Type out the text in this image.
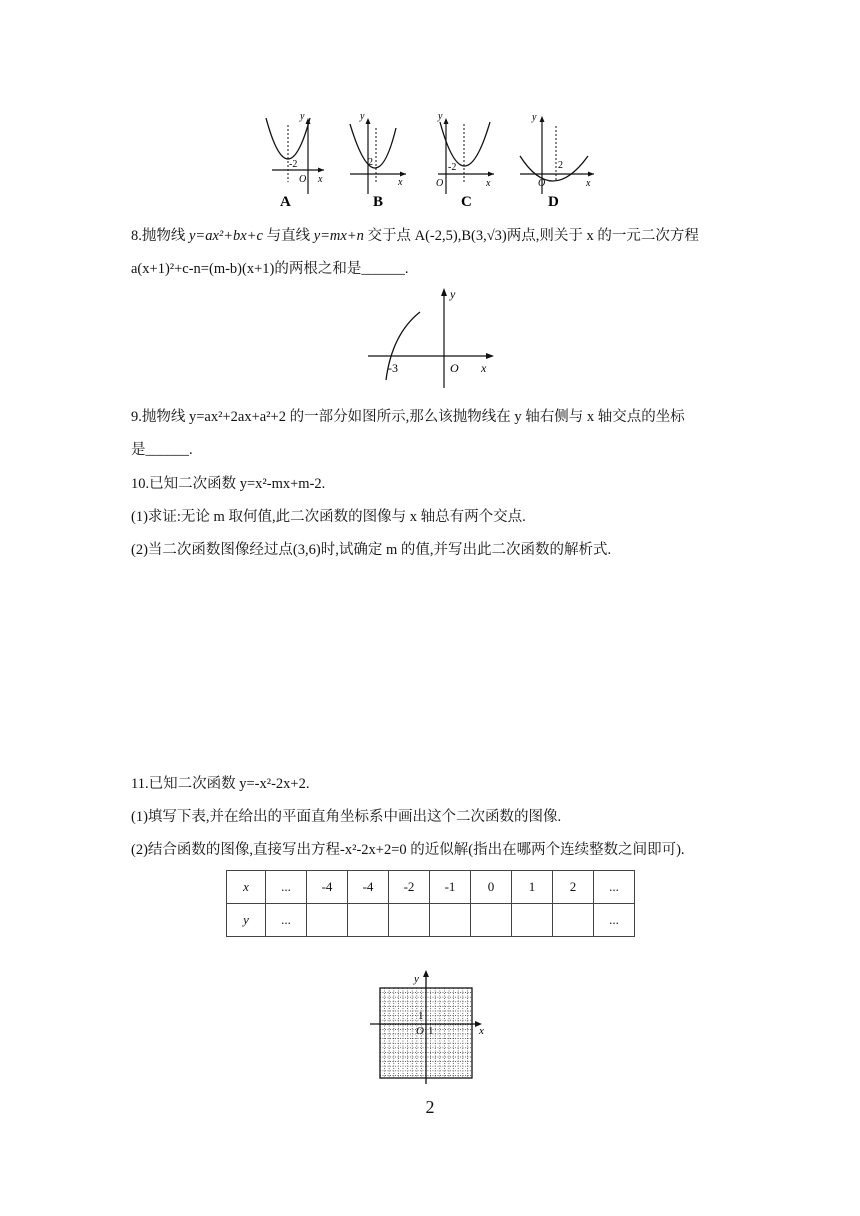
y
x
O
-2
y
x
2
y
O	x
-2
y
O	x
2
A	B	C	D
8.抛物线 y=ax²+bx+c 与直线 y=mx+n 交于点 A(-2,5),B(3,√3)两点,则关于 x 的一元二次方程
a(x+1)²+c-n=(m-b)(x+1)的两根之和是______.
y
x
O
-3
9.抛物线 y=ax²+2ax+a²+2 的一部分如图所示,那么该抛物线在 y 轴右侧与 x 轴交点的坐标
是______.
10.已知二次函数 y=x²-mx+m-2.
(1)求证:无论 m 取何值,此二次函数的图像与 x 轴总有两个交点.
(2)当二次函数图像经过点(3,6)时,试确定 m 的值,并写出此二次函数的解析式.
11.已知二次函数 y=-x²-2x+2.
(1)填写下表,并在给出的平面直角坐标系中画出这个二次函数的图像.
(2)结合函数的图像,直接写出方程-x²-2x+2=0 的近似解(指出在哪两个连续整数之间即可).
x	...	-4	-4	-2	-1	0	1	2	...
y	...								...
y
x
O
1
1
2
